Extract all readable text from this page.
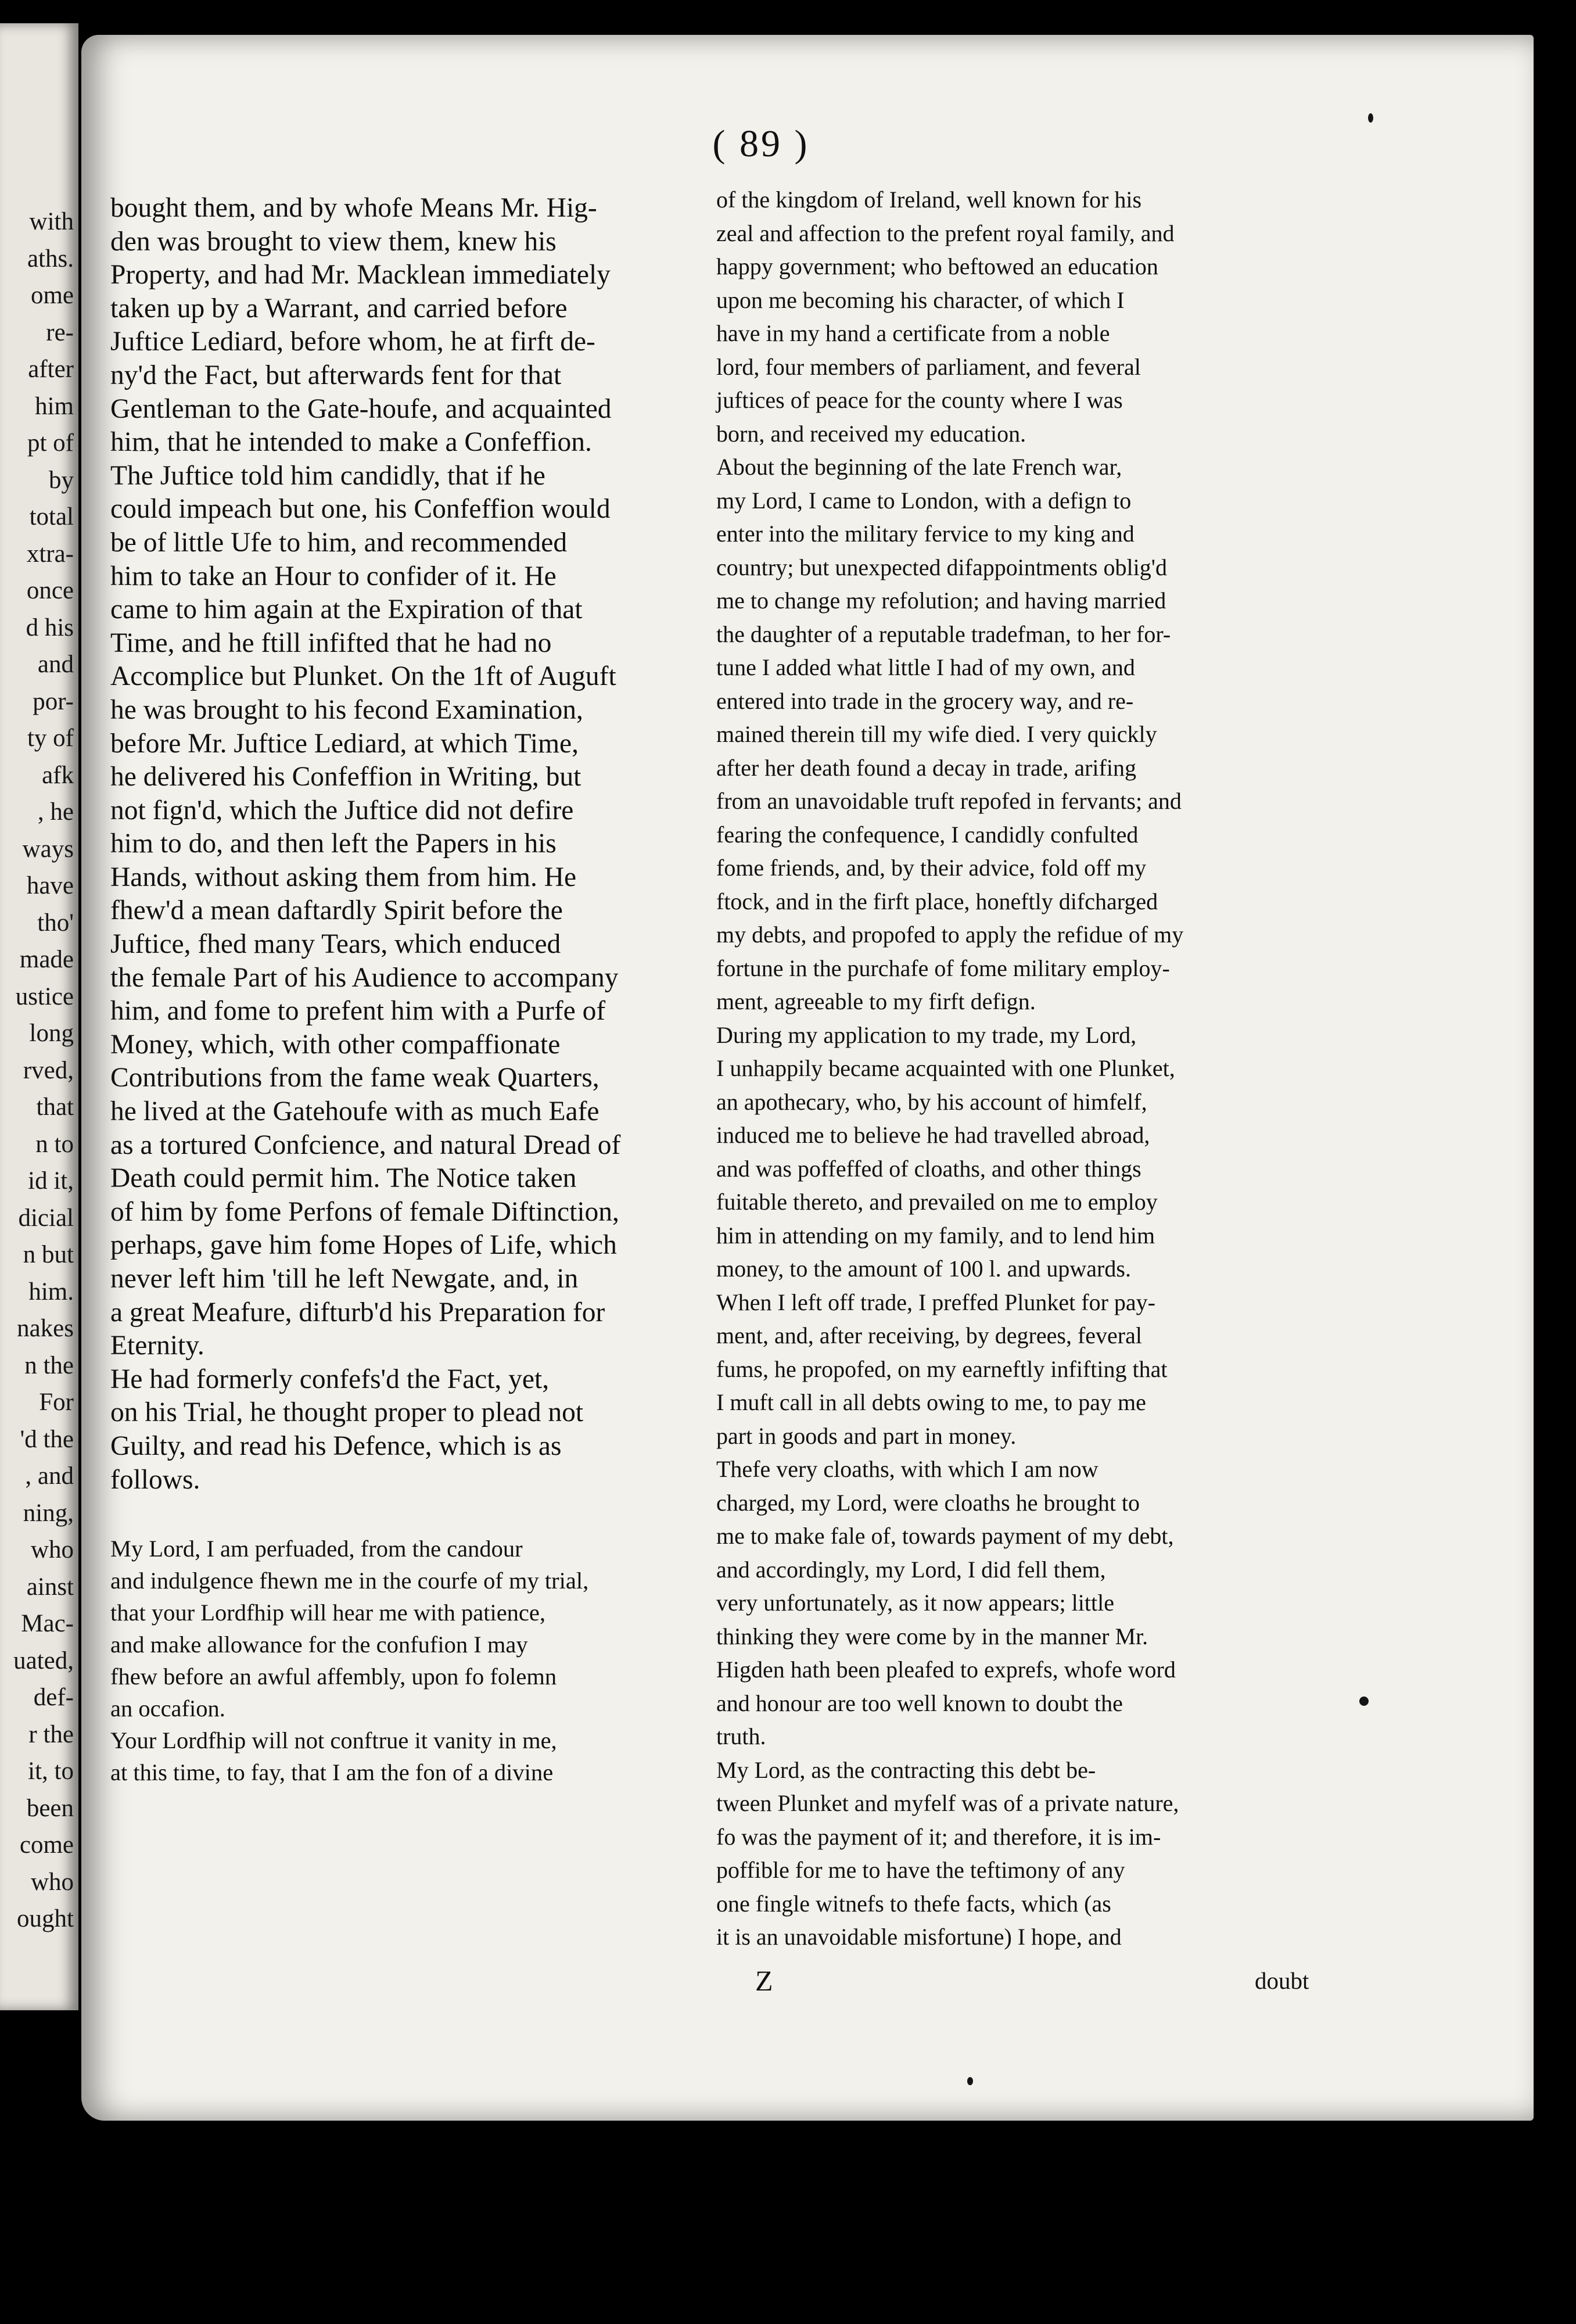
with
aths.
ome
re-
after
him
pt of
by
total
xtra-
once
d his
and
por-
ty of
afk
, he
ways
have
tho'
made
ustice
long
rved,
that
n to
id it,
dicial
n but
him.
nakes
n the
For
'd the
, and
ning,
who
ainst
Mac-
uated,
def-
r the
it, to
been
come
who
ought
( 89 )
bought them, and by whofe Means Mr. Hig-
den was brought to view them, knew his
Property, and had Mr. Macklean immediately
taken up by a Warrant, and carried before
Juftice Lediard, before whom, he at firft de-
ny'd the Fact, but afterwards fent for that
Gentleman to the Gate-houfe, and acquainted
him, that he intended to make a Confeffion.
The Juftice told him candidly, that if he
could impeach but one, his Confeffion would
be of little Ufe to him, and recommended
him to take an Hour to confider of it. He
came to him again at the Expiration of that
Time, and he ftill infifted that he had no
Accomplice but Plunket. On the 1ft of Auguft
he was brought to his fecond Examination,
before Mr. Juftice Lediard, at which Time,
he delivered his Confeffion in Writing, but
not fign'd, which the Juftice did not defire
him to do, and then left the Papers in his
Hands, without asking them from him. He
fhew'd a mean daftardly Spirit before the
Juftice, fhed many Tears, which enduced
the female Part of his Audience to accompany
him, and fome to prefent him with a Purfe of
Money, which, with other compaffionate
Contributions from the fame weak Quarters,
he lived at the Gatehoufe with as much Eafe
as a tortured Confcience, and natural Dread of
Death could permit him. The Notice taken
of him by fome Perfons of female Diftinction,
perhaps, gave him fome Hopes of Life, which
never left him 'till he left Newgate, and, in
a great Meafure, difturb'd his Preparation for
Eternity.
He had formerly confefs'd the Fact, yet,
on his Trial, he thought proper to plead not
Guilty, and read his Defence, which is as
follows.
My Lord, I am perfuaded, from the candour
and indulgence fhewn me in the courfe of my trial,
that your Lordfhip will hear me with patience,
and make allowance for the confufion I may
fhew before an awful affembly, upon fo folemn
an occafion.
Your Lordfhip will not conftrue it vanity in me,
at this time, to fay, that I am the fon of a divine
of the kingdom of Ireland, well known for his
zeal and affection to the prefent royal family, and
happy government; who beftowed an education
upon me becoming his character, of which I
have in my hand a certificate from a noble
lord, four members of parliament, and feveral
juftices of peace for the county where I was
born, and received my education.
About the beginning of the late French war,
my Lord, I came to London, with a defign to
enter into the military fervice to my king and
country; but unexpected difappointments oblig'd
me to change my refolution; and having married
the daughter of a reputable tradefman, to her for-
tune I added what little I had of my own, and
entered into trade in the grocery way, and re-
mained therein till my wife died. I very quickly
after her death found a decay in trade, arifing
from an unavoidable truft repofed in fervants; and
fearing the confequence, I candidly confulted
fome friends, and, by their advice, fold off my
ftock, and in the firft place, honeftly difcharged
my debts, and propofed to apply the refidue of my
fortune in the purchafe of fome military employ-
ment, agreeable to my firft defign.
During my application to my trade, my Lord,
I unhappily became acquainted with one Plunket,
an apothecary, who, by his account of himfelf,
induced me to believe he had travelled abroad,
and was poffeffed of cloaths, and other things
fuitable thereto, and prevailed on me to employ
him in attending on my family, and to lend him
money, to the amount of 100 l. and upwards.
When I left off trade, I preffed Plunket for pay-
ment, and, after receiving, by degrees, feveral
fums, he propofed, on my earneftly infifting that
I muft call in all debts owing to me, to pay me
part in goods and part in money.
Thefe very cloaths, with which I am now
charged, my Lord, were cloaths he brought to
me to make fale of, towards payment of my debt,
and accordingly, my Lord, I did fell them,
very unfortunately, as it now appears; little
thinking they were come by in the manner Mr.
Higden hath been pleafed to exprefs, whofe word
and honour are too well known to doubt the
truth.
My Lord, as the contracting this debt be-
tween Plunket and myfelf was of a private nature,
fo was the payment of it; and therefore, it is im-
poffible for me to have the teftimony of any
one fingle witnefs to thefe facts, which (as
it is an unavoidable misfortune) I hope, and
Z	doubt
